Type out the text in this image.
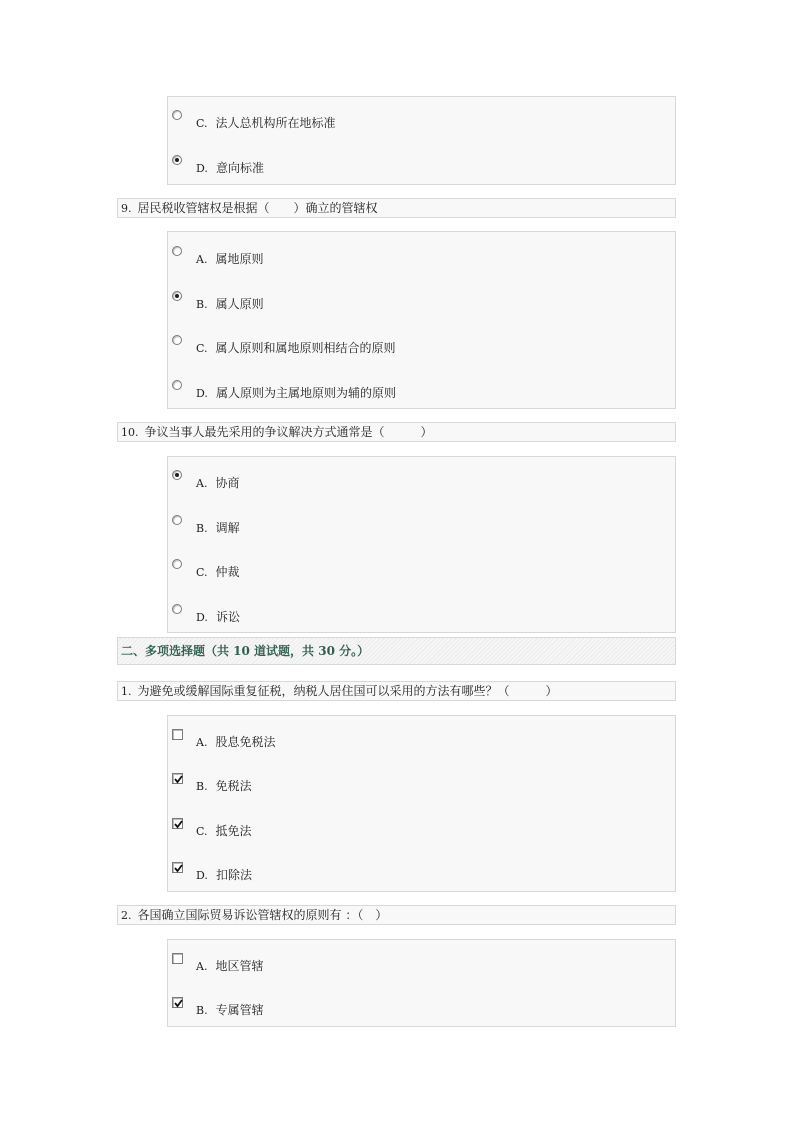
C. 法人总机构所在地标准
D. 意向标准
9. 居民税收管辖权是根据（　　）确立的管辖权
A. 属地原则
B. 属人原则
C. 属人原则和属地原则相结合的原则
D. 属人原则为主属地原则为辅的原则
10. 争议当事人最先采用的争议解决方式通常是（　　　）
A. 协商
B. 调解
C. 仲裁
D. 诉讼
二、多项选择题（共 10 道试题，共 30 分。）
1. 为避免或缓解国际重复征税，纳税人居住国可以采用的方法有哪些？（　　　）
A. 股息免税法
B. 免税法
C. 抵免法
D. 扣除法
2. 各国确立国际贸易诉讼管辖权的原则有 ：（　）
A. 地区管辖
B. 专属管辖
